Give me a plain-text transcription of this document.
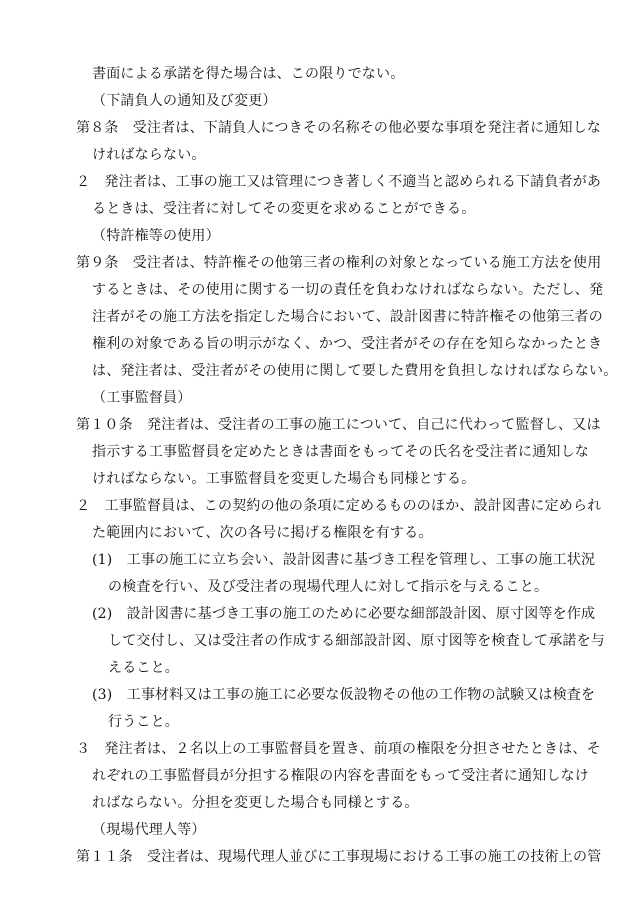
書面による承諾を得た場合は、この限りでない。
（下請負人の通知及び変更）
第８条　受注者は、下請負人につきその名称その他必要な事項を発注者に通知しな
ければならない。
２　発注者は、工事の施工又は管理につき著しく不適当と認められる下請負者があ
るときは、受注者に対してその変更を求めることができる。
（特許権等の使用）
第９条　受注者は、特許権その他第三者の権利の対象となっている施工方法を使用
するときは、その使用に関する一切の責任を負わなければならない。ただし、発
注者がその施工方法を指定した場合において、設計図書に特許権その他第三者の
権利の対象である旨の明示がなく、かつ、受注者がその存在を知らなかったとき
は、発注者は、受注者がその使用に関して要した費用を負担しなければならない。
（工事監督員）
第１０条　発注者は、受注者の工事の施工について、自己に代わって監督し、又は
指示する工事監督員を定めたときは書面をもってその氏名を受注者に通知しな
ければならない。工事監督員を変更した場合も同様とする。
２　工事監督員は、この契約の他の条項に定めるもののほか、設計図書に定められ
た範囲内において、次の各号に掲げる権限を有する。
(1)　工事の施工に立ち会い、設計図書に基づき工程を管理し、工事の施工状況
の検査を行い、及び受注者の現場代理人に対して指示を与えること。
(2)　設計図書に基づき工事の施工のために必要な細部設計図、原寸図等を作成
して交付し、又は受注者の作成する細部設計図、原寸図等を検査して承諾を与
えること。
(3)　工事材料又は工事の施工に必要な仮設物その他の工作物の試験又は検査を
行うこと。
３　発注者は、２名以上の工事監督員を置き、前項の権限を分担させたときは、そ
れぞれの工事監督員が分担する権限の内容を書面をもって受注者に通知しなけ
ればならない。分担を変更した場合も同様とする。
（現場代理人等）
第１１条　受注者は、現場代理人並びに工事現場における工事の施工の技術上の管
